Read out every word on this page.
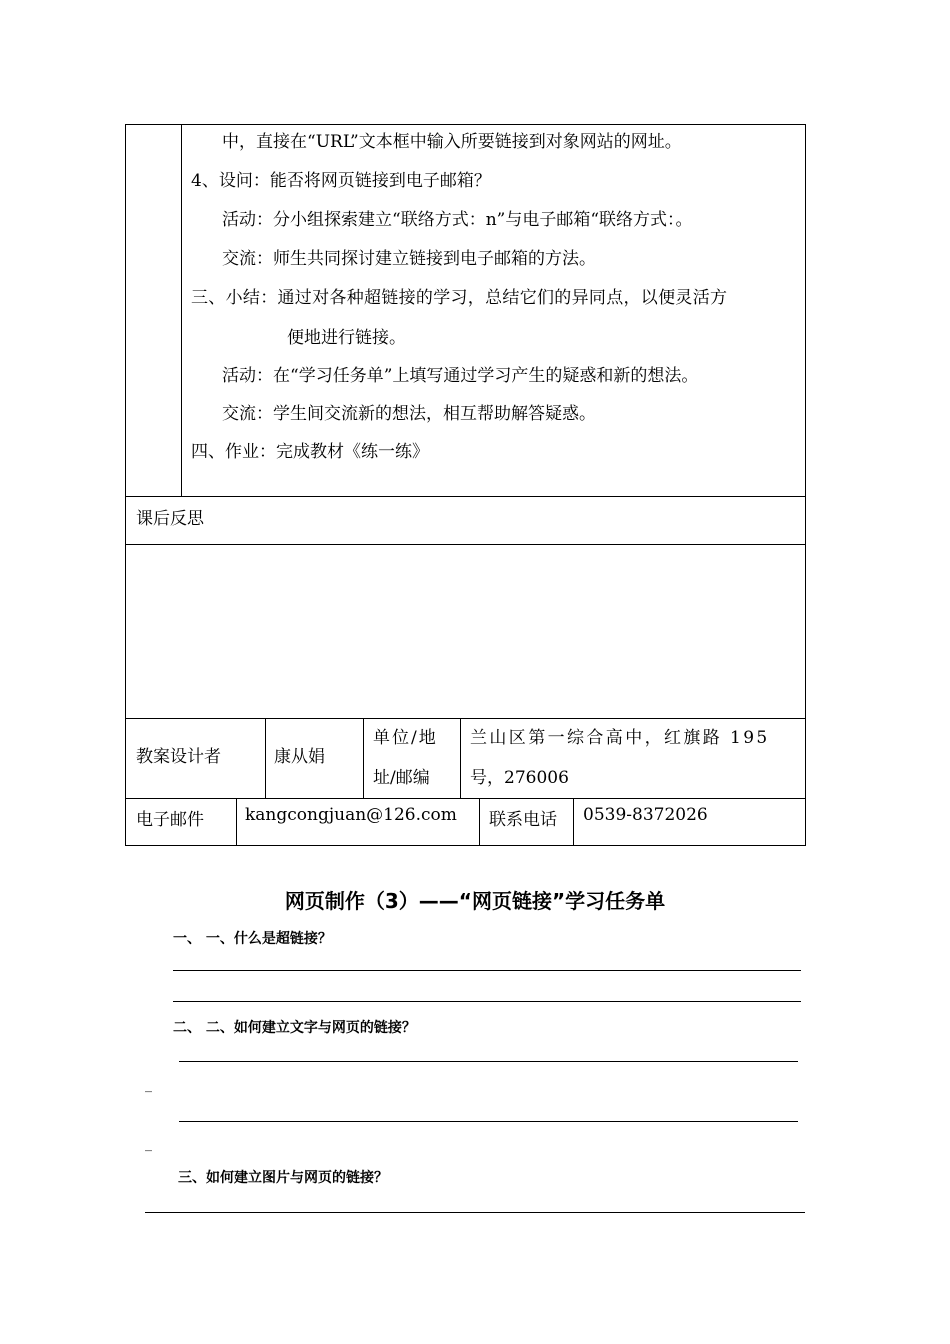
中，直接在“URL”文本框中输入所要链接到对象网站的网址。
4、设问：能否将网页链接到电子邮箱？
活动：分小组探索建立“联络方式：n”与电子邮箱“联络方式：。
交流：师生共同探讨建立链接到电子邮箱的方法。
三、小结：通过对各种超链接的学习，总结它们的异同点，以便灵活方
便地进行链接。
活动：在“学习任务单”上填写通过学习产生的疑惑和新的想法。
交流：学生间交流新的想法，相互帮助解答疑惑。
四、作业：完成教材《练一练》
课后反思
教案设计者	康从娟
单位/地
址/邮编
兰山区第一综合高中，红旗路 195
号，276006
电子邮件 kangcongjuan@126.com 联系电话 0539-8372026
网页制作（3）——“网页链接”学习任务单
一、 一、什么是超链接？
二、 二、如何建立文字与网页的链接？
_
_
三、如何建立图片与网页的链接？
